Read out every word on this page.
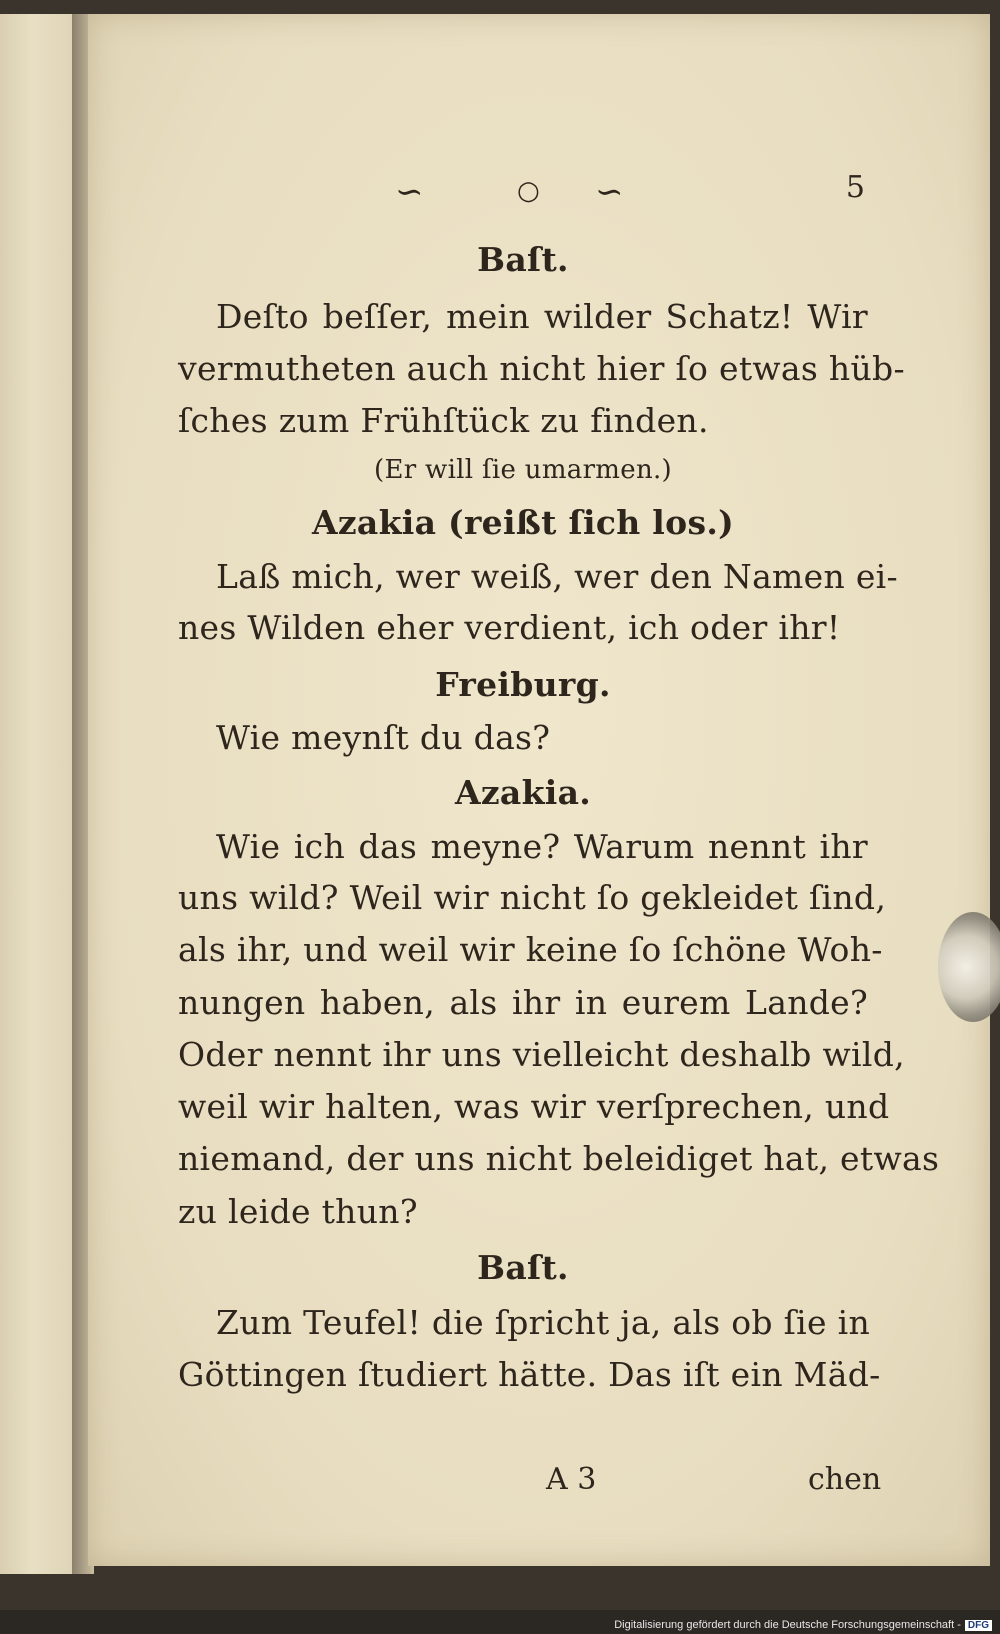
∽	○ ∽	5
Baſt.
Deſto beſſer, mein wilder Schatz! Wir
vermutheten auch nicht hier ſo etwas hüb-
ſches zum Frühſtück zu finden.
(Er will ſie umarmen.)
Azakia (reißt ſich los.)
Laß mich, wer weiß, wer den Namen ei-
nes Wilden eher verdient, ich oder ihr!
Freiburg.
Wie meynſt du das?
Azakia.
Wie ich das meyne? Warum nennt ihr
uns wild? Weil wir nicht ſo gekleidet ſind,
als ihr, und weil wir keine ſo ſchöne Woh-
nungen haben, als ihr in eurem Lande?
Oder nennt ihr uns vielleicht deshalb wild,
weil wir halten, was wir verſprechen, und
niemand, der uns nicht beleidiget hat, etwas
zu leide thun?
Baſt.
Zum Teufel! die ſpricht ja, als ob ſie in
Göttingen ſtudiert hätte. Das iſt ein Mäd-
A 3	chen
Digitalisierung gefördert durch die Deutsche Forschungsgemeinschaft - DFG
